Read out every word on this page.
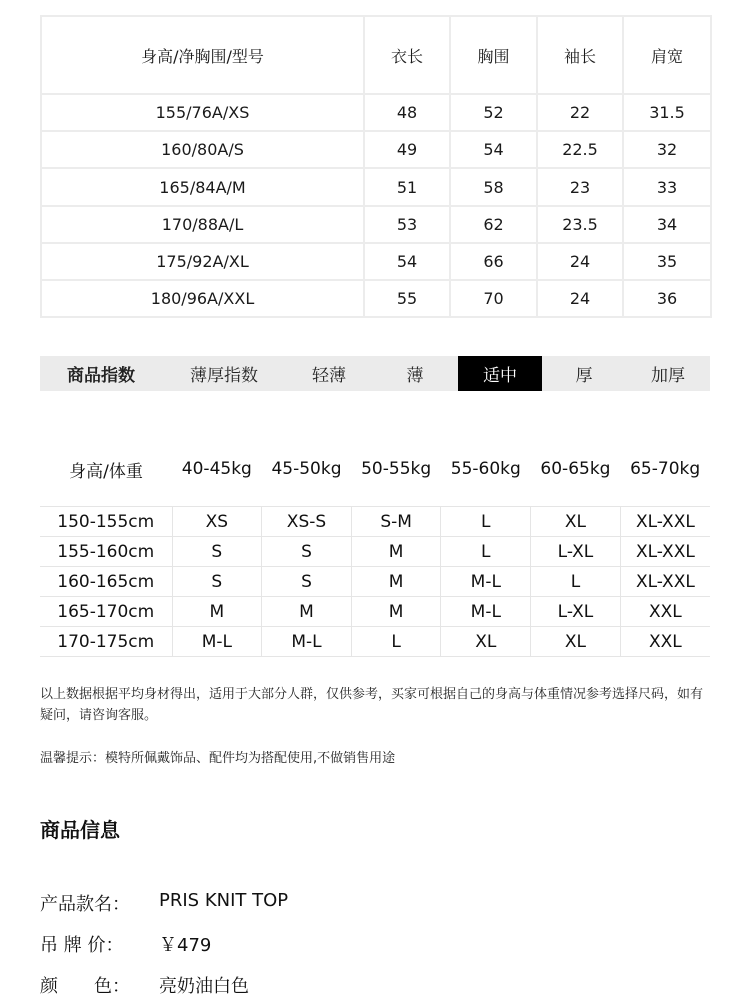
身高/净胸围/型号	衣长	胸围	袖长	肩宽
155/76A/XS	48	52	22	31.5
160/80A/S	49	54	22.5	32
165/84A/M	51	58	23	33
170/88A/L	53	62	23.5	34
175/92A/XL	54	66	24	35
180/96A/XXL	55	70	24	36
商品指数	薄厚指数	轻薄	薄	适中	厚	加厚
身高/体重	40-45kg	45-50kg	50-55kg	55-60kg	60-65kg	65-70kg

150-155cm	XS	XS-S	S-M	L	XL	XL-XXL
155-160cm	S	S	M	L	L-XL	XL-XXL
160-165cm	S	S	M	M-L	L	XL-XXL
165-170cm	M	M	M	M-L	L-XL	XXL
170-175cm	M-L	M-L	L	XL	XL	XXL
以上数据根据平均身材得出，适用于大部分人群，仅供参考，买家可根据自己的身高与体重情况参考选择尺码，如有疑问，请咨询客服。
温馨提示：模特所佩戴饰品、配件均为搭配使用,不做销售用途
商品信息
产品款名：	PRIS KNIT TOP
吊 牌 价：	￥479
颜　　色：	亮奶油白色
